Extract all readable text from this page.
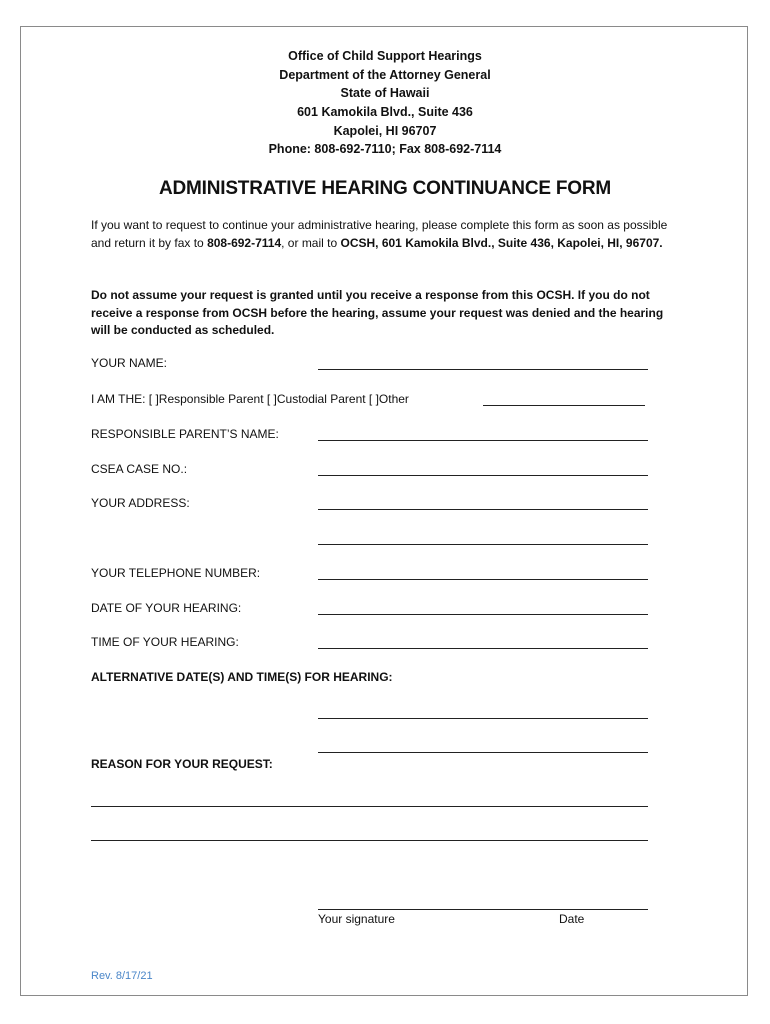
Office of Child Support Hearings
Department of the Attorney General
State of Hawaii
601 Kamokila Blvd., Suite 436
Kapolei, HI 96707
Phone: 808-692-7110; Fax 808-692-7114
ADMINISTRATIVE HEARING CONTINUANCE FORM
If you want to request to continue your administrative hearing, please complete this form as soon as possible and return it by fax to 808-692-7114, or mail to OCSH, 601 Kamokila Blvd., Suite 436, Kapolei, HI, 96707.
Do not assume your request is granted until you receive a response from this OCSH. If you do not receive a response from OCSH before the hearing, assume your request was denied and the hearing will be conducted as scheduled.
YOUR NAME:
I AM THE: [ ]Responsible Parent [ ]Custodial Parent [ ]Other
RESPONSIBLE PARENT’S NAME:
CSEA CASE NO.:
YOUR ADDRESS:
YOUR TELEPHONE NUMBER:
DATE OF YOUR HEARING:
TIME OF YOUR HEARING:
ALTERNATIVE DATE(S) AND TIME(S) FOR HEARING:
REASON FOR YOUR REQUEST:
Your signature	Date
Rev. 8/17/21
